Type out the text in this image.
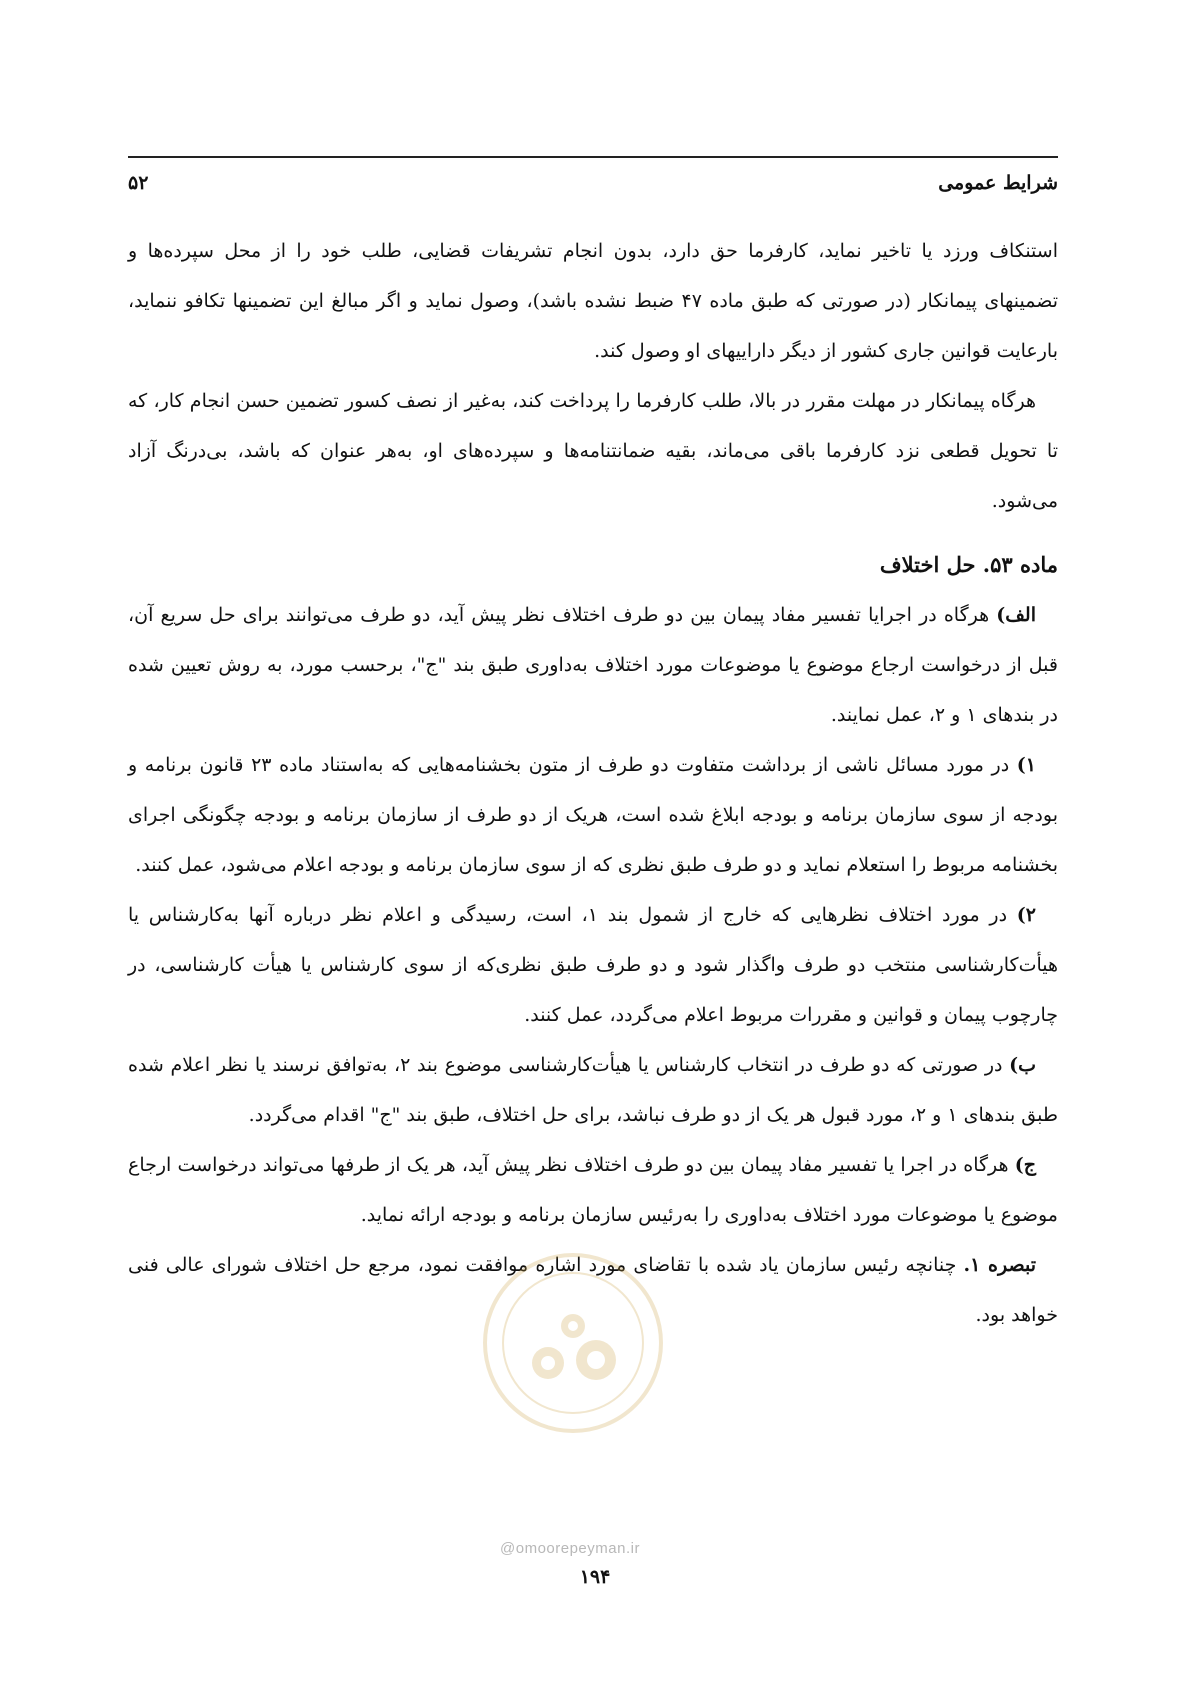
شرایط عمومی
۵۲

استنکاف ورزد یا تاخیر نماید، کارفرما حق دارد، بدون انجام تشریفات قضایی، طلب خود را از محل سپرده‌ها و تضمینهای پیمانکار (در صورتی که طبق ماده ۴۷ ضبط نشده باشد)، وصول نماید و اگر مبالغ این تضمینها تکافو ننماید، بارعایت قوانین جاری کشور از دیگر داراییهای او وصول کند.

هرگاه پیمانکار در مهلت مقرر در بالا، طلب کارفرما را پرداخت کند، به‌غیر از نصف کسور تضمین حسن انجام کار، که تا تحویل قطعی نزد کارفرما باقی می‌ماند، بقیه ضمانتنامه‌ها و سپرده‌های او، به‌هر عنوان که باشد، بی‌درنگ آزاد می‌شود.

ماده ۵۳. حل اختلاف

الف) هرگاه در اجرایا تفسیر مفاد پیمان بین دو طرف اختلاف نظر پیش آید، دو طرف می‌توانند برای حل سریع آن، قبل از درخواست ارجاع موضوع یا موضوعات مورد اختلاف به‌داوری طبق بند "ج"، برحسب مورد، به روش تعیین شده در بندهای ۱ و ۲، عمل نمایند.

۱) در مورد مسائل ناشی از برداشت متفاوت دو طرف از متون بخشنامه‌هایی که به‌استناد ماده ۲۳ قانون برنامه و بودجه از سوی سازمان برنامه و بودجه ابلاغ شده است، هریک از دو طرف از سازمان برنامه و بودجه چگونگی اجرای بخشنامه مربوط را استعلام نماید و دو طرف طبق نظری که از سوی سازمان برنامه و بودجه اعلام می‌شود، عمل کنند.

۲) در مورد اختلاف نظرهایی که خارج از شمول بند ۱، است، رسیدگی و اعلام نظر درباره آنها به‌کارشناس یا هیأت‌کارشناسی منتخب دو طرف واگذار شود و دو طرف طبق نظری‌که از سوی کارشناس یا هیأت کارشناسی، در چارچوب پیمان و قوانین و مقررات مربوط اعلام می‌گردد، عمل کنند.

ب) در صورتی که دو طرف در انتخاب کارشناس یا هیأت‌کارشناسی موضوع بند ۲، به‌توافق نرسند یا نظر اعلام شده طبق بندهای ۱ و ۲، مورد قبول هر یک از دو طرف نباشد، برای حل اختلاف، طبق بند "ج" اقدام می‌گردد.

ج) هرگاه در اجرا یا تفسیر مفاد پیمان بین دو طرف اختلاف نظر پیش آید، هر یک از طرفها می‌تواند درخواست ارجاع موضوع یا موضوعات مورد اختلاف به‌داوری را به‌رئیس سازمان برنامه و بودجه ارائه نماید.

تبصره ۱. چنانچه رئیس سازمان یاد شده با تقاضای مورد اشاره موافقت نمود، مرجع حل اختلاف شورای عالی فنی خواهد بود.

@omoorepeyman.ir
۱۹۴
